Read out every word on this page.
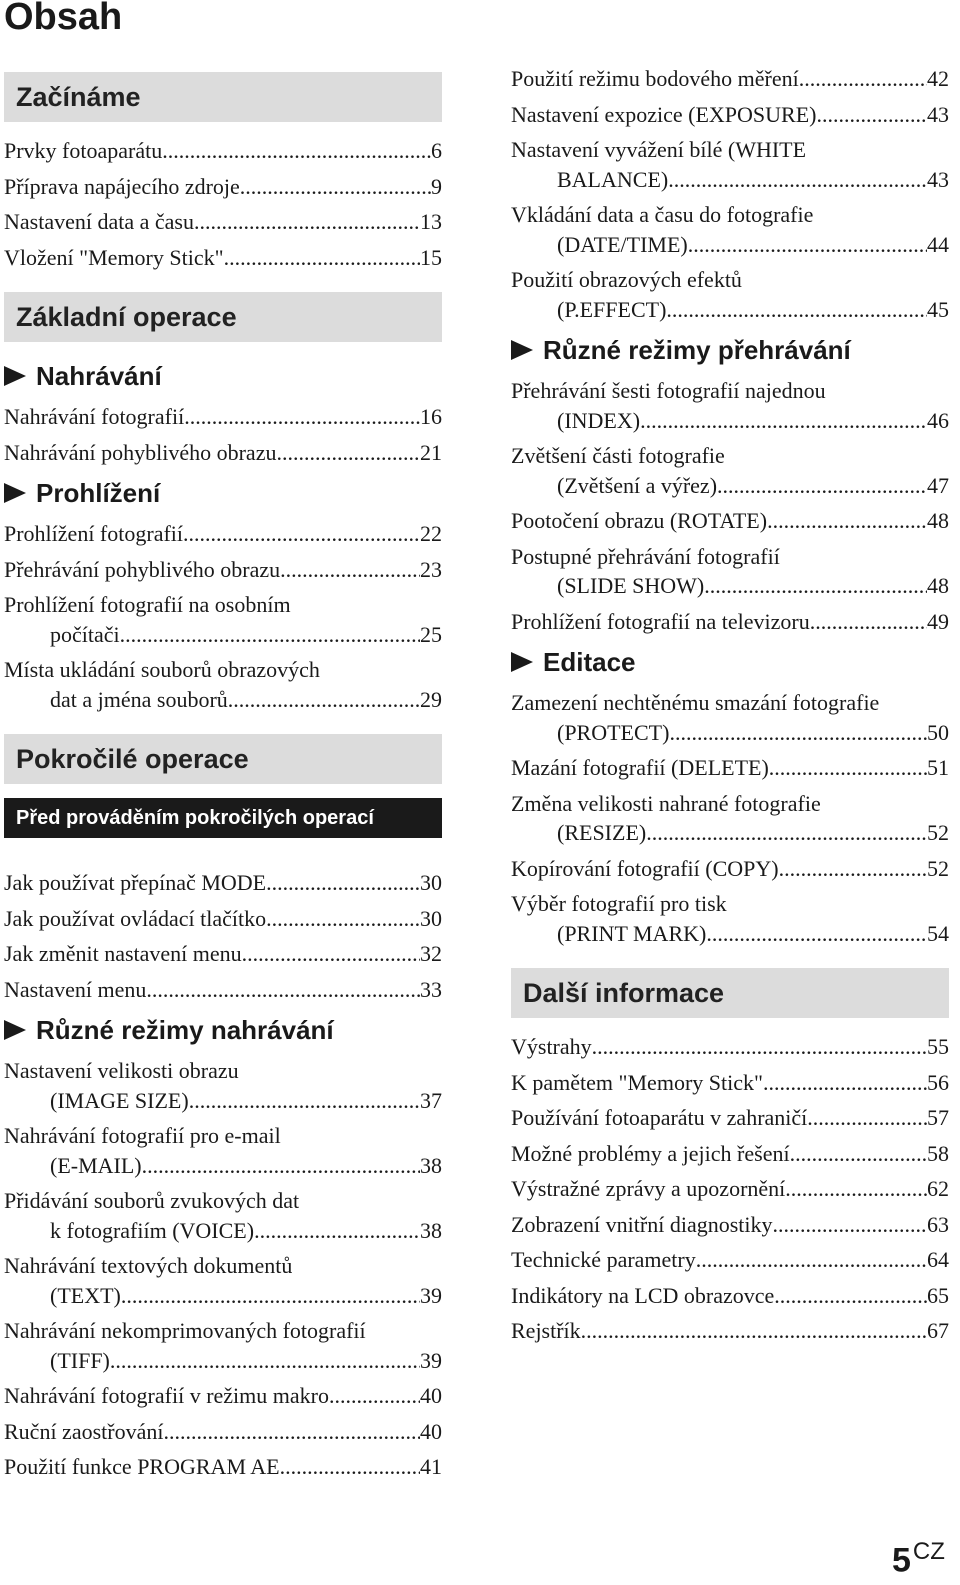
Obsah
Začínáme
Prvky fotoaparátu .....	6
Příprava napájecího zdroje .....	9
Nastavení data a času .....	13
Vložení "Memory Stick" .....	15
Základní operace
Nahrávání
Nahrávání fotografií .....	16
Nahrávání pohyblivého obrazu .....	21
Prohlížení
Prohlížení fotografií .....	22
Přehrávání pohyblivého obrazu .....	23
Prohlížení fotografií na osobním
počítači .....	25
Místa ukládání souborů obrazových
dat a jména souborů .....	29
Pokročilé operace
Před prováděním pokročilých operací
Jak používat přepínač MODE .....	30
Jak používat ovládací tlačítko .....	30
Jak změnit nastavení menu .....	32
Nastavení menu .....	33
Různé režimy nahrávání
Nastavení velikosti obrazu
(IMAGE SIZE) .....	37
Nahrávání fotografií pro e-mail
(E-MAIL) .....	38
Přidávání souborů zvukových dat
k fotografiím (VOICE) .....	38
Nahrávání textových dokumentů
(TEXT) .....	39
Nahrávání nekomprimovaných fotografií
(TIFF) .....	39
Nahrávání fotografií v režimu makro .....	40
Ruční zaostřování .....	40
Použití funkce PROGRAM AE .....	41
Použití režimu bodového měření .....	42
Nastavení expozice (EXPOSURE) .....	43
Nastavení vyvážení bílé (WHITE
BALANCE) .....	43
Vkládání data a času do fotografie
(DATE/TIME) .....	44
Použití obrazových efektů
(P.EFFECT) .....	45
Různé režimy přehrávání
Přehrávání šesti fotografií najednou
(INDEX) .....	46
Zvětšení části fotografie
(Zvětšení a výřez) .....	47
Pootočení obrazu (ROTATE) .....	48
Postupné přehrávání fotografií
(SLIDE SHOW) .....	48
Prohlížení fotografií na televizoru .....	49
Editace
Zamezení nechtěnému smazání fotografie
(PROTECT) .....	50
Mazání fotografií (DELETE) .....	51
Změna velikosti nahrané fotografie
(RESIZE) .....	52
Kopírování fotografií (COPY) .....	52
Výběr fotografií pro tisk
(PRINT MARK) .....	54
Další informace
Výstrahy .....	55
K pamětem "Memory Stick" .....	56
Používání fotoaparátu v zahraničí .....	57
Možné problémy a jejich řešení .....	58
Výstražné zprávy a upozornění .....	62
Zobrazení vnitřní diagnostiky .....	63
Technické parametry .....	64
Indikátory na LCD obrazovce .....	65
Rejstřík .....	67
$5^{CZ}$
